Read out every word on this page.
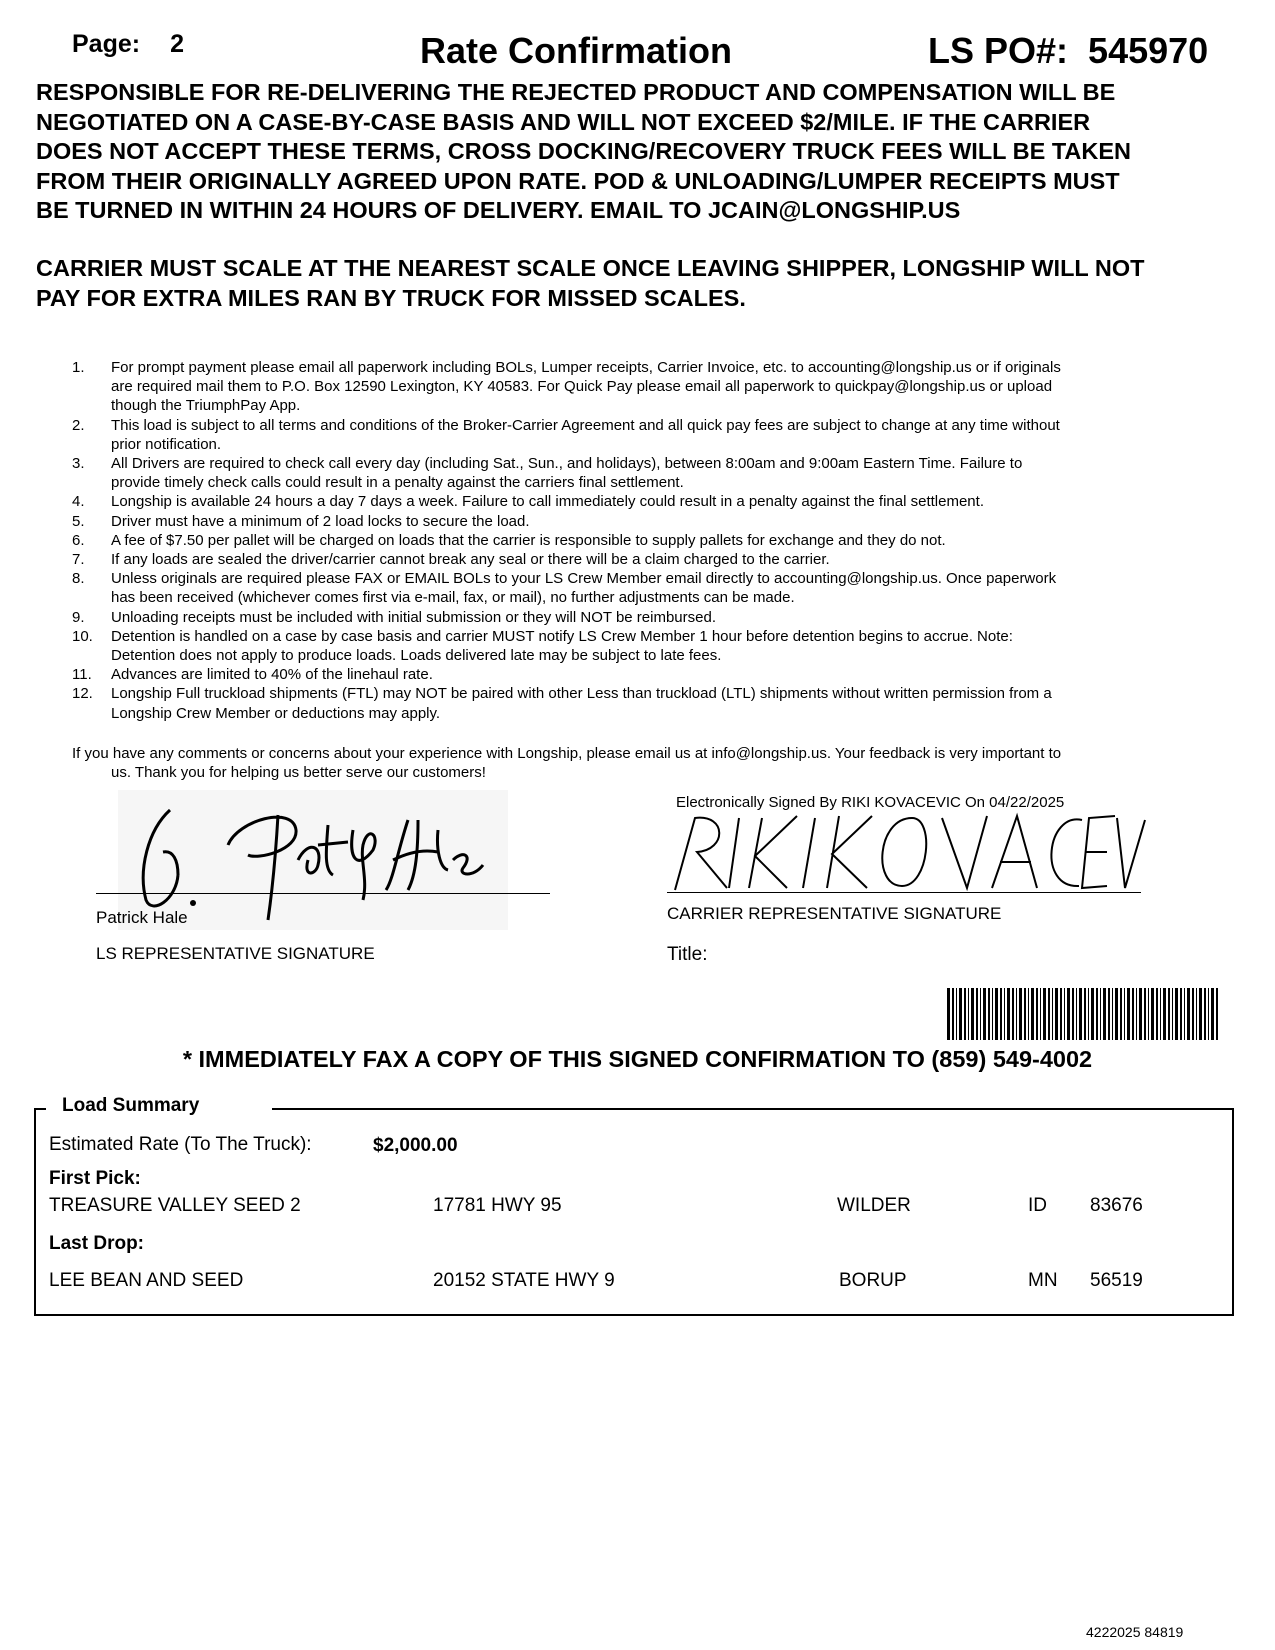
Page: 2	Rate Confirmation	LS PO#: 545970
RESPONSIBLE FOR RE-DELIVERING THE REJECTED PRODUCT AND COMPENSATION WILL BE
NEGOTIATED ON A CASE-BY-CASE BASIS AND WILL NOT EXCEED $2/MILE. IF THE CARRIER
DOES NOT ACCEPT THESE TERMS, CROSS DOCKING/RECOVERY TRUCK FEES WILL BE TAKEN
FROM THEIR ORIGINALLY AGREED UPON RATE. POD & UNLOADING/LUMPER RECEIPTS MUST
BE TURNED IN WITHIN 24 HOURS OF DELIVERY. EMAIL TO JCAIN@LONGSHIP.US
CARRIER MUST SCALE AT THE NEAREST SCALE ONCE LEAVING SHIPPER, LONGSHIP WILL NOT
PAY FOR EXTRA MILES RAN BY TRUCK FOR MISSED SCALES.
1. For prompt payment please email all paperwork including BOLs, Lumper receipts, Carrier Invoice, etc. to accounting@longship.us or if originals
are required mail them to P.O. Box 12590 Lexington, KY 40583. For Quick Pay please email all paperwork to quickpay@longship.us or upload
though the TriumphPay App.
2. This load is subject to all terms and conditions of the Broker-Carrier Agreement and all quick pay fees are subject to change at any time without
prior notification.
3. All Drivers are required to check call every day (including Sat., Sun., and holidays), between 8:00am and 9:00am Eastern Time. Failure to
provide timely check calls could result in a penalty against the carriers final settlement.
4. Longship is available 24 hours a day 7 days a week. Failure to call immediately could result in a penalty against the final settlement.
5. Driver must have a minimum of 2 load locks to secure the load.
6. A fee of $7.50 per pallet will be charged on loads that the carrier is responsible to supply pallets for exchange and they do not.
7. If any loads are sealed the driver/carrier cannot break any seal or there will be a claim charged to the carrier.
8. Unless originals are required please FAX or EMAIL BOLs to your LS Crew Member email directly to accounting@longship.us. Once paperwork
has been received (whichever comes first via e-mail, fax, or mail), no further adjustments can be made.
9. Unloading receipts must be included with initial submission or they will NOT be reimbursed.
10. Detention is handled on a case by case basis and carrier MUST notify LS Crew Member 1 hour before detention begins to accrue. Note:
Detention does not apply to produce loads. Loads delivered late may be subject to late fees.
11. Advances are limited to 40% of the linehaul rate.
12. Longship Full truckload shipments (FTL) may NOT be paired with other Less than truckload (LTL) shipments without written permission from a
Longship Crew Member or deductions may apply.
If you have any comments or concerns about your experience with Longship, please email us at info@longship.us. Your feedback is very important to
us. Thank you for helping us better serve our customers!
Patrick Hale
LS REPRESENTATIVE SIGNATURE
Electronically Signed By RIKI KOVACEVIC On 04/22/2025
CARRIER REPRESENTATIVE SIGNATURE
Title:
* IMMEDIATELY FAX A COPY OF THIS SIGNED CONFIRMATION TO (859) 549-4002
Load Summary
Estimated Rate (To The Truck):	$2,000.00
First Pick:
TREASURE VALLEY SEED 2	17781 HWY 95	WILDER	ID 83676
Last Drop:
LEE BEAN AND SEED	20152 STATE HWY 9	BORUP	MN 56519
4222025 84819
